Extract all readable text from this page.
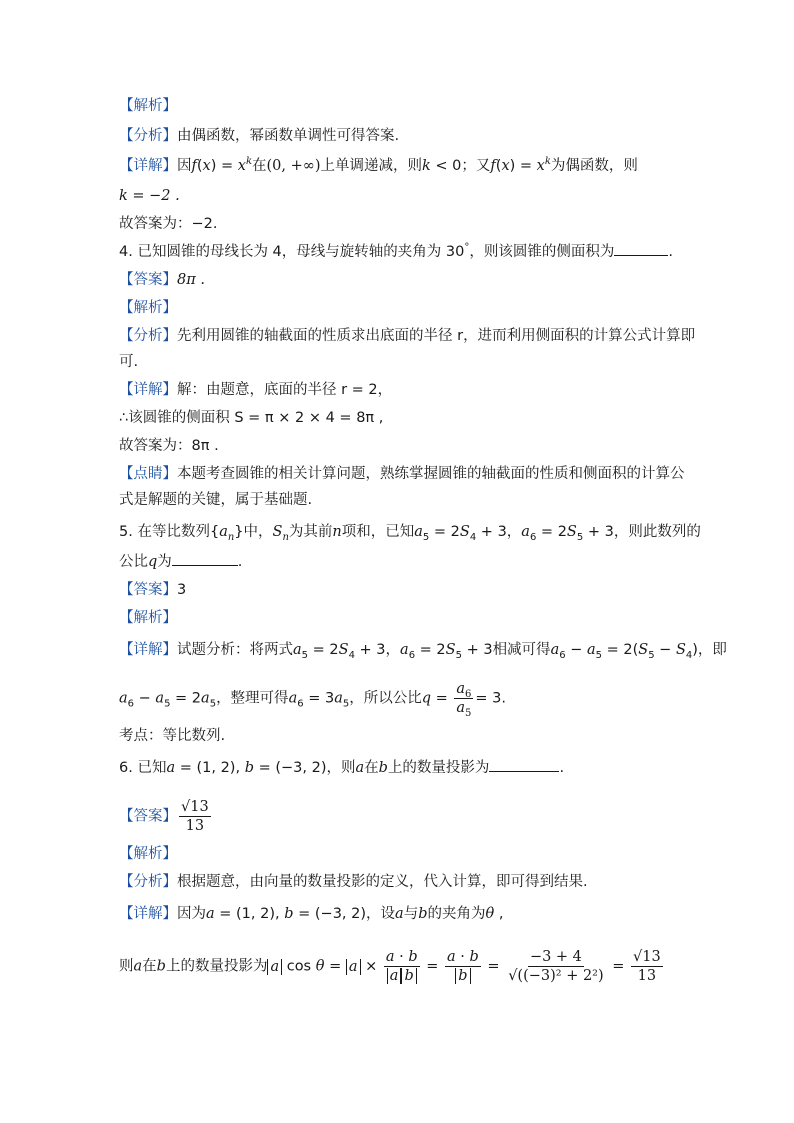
【解析】
【分析】由偶函数，幂函数单调性可得答案.
【详解】因$f(x) = x^k$在(0, +∞)上单调递减，则k < 0；又$f(x) = x^k$为偶函数，则
k = −2 .
故答案为：−2.
4. 已知圆锥的母线长为 4，母线与旋转轴的夹角为 30°，则该圆锥的侧面积为	.
【答案】8π .
【解析】
【分析】先利用圆锥的轴截面的性质求出底面的半径 r，进而利用侧面积的计算公式计算即
可.
【详解】解：由题意，底面的半径 r = 2，
∴该圆锥的侧面积 S = π × 2 × 4 = 8π ,
故答案为：8π .
【点睛】本题考查圆锥的相关计算问题，熟练掌握圆锥的轴截面的性质和侧面积的计算公
式是解题的关键，属于基础题.
5. 在等比数列$\{a_n\}$中，$S_n$为其前n项和，已知$a_5 = 2S_4 + 3$，$a_6 = 2S_5 + 3$，则此数列的
公比q为	.
【答案】3
【解析】
【详解】试题分析：将两式$a_5 = 2S_4 + 3$，$a_6 = 2S_5 + 3$相减可得$a_6 - a_5 = 2(S_5 - S_4)$，即
$a_6 - a_5 = 2a_5$，整理可得$a_6 = 3a_5$，所以公比$q = \frac{a_6}{a_5} = 3$.
考点：等比数列.
6. 已知a = (1, 2), b = (−3, 2)，则a在b上的数量投影为	.
【答案】 $\frac{√13}{13}$
【解析】
【分析】根据题意，由向量的数量投影的定义，代入计算，即可得到结果.
【详解】因为a = (1, 2), b = (−3, 2)，设a与b的夹角为θ ,
则a在b上的数量投影为 a $\cos \theta = a \times \frac{a \cdot b}{\text{a b}} = \frac{a \cdot b}{b} = \frac{-3 + 4}{\text{√((−3)² + 2²)}} = \frac{√13}{13}$
